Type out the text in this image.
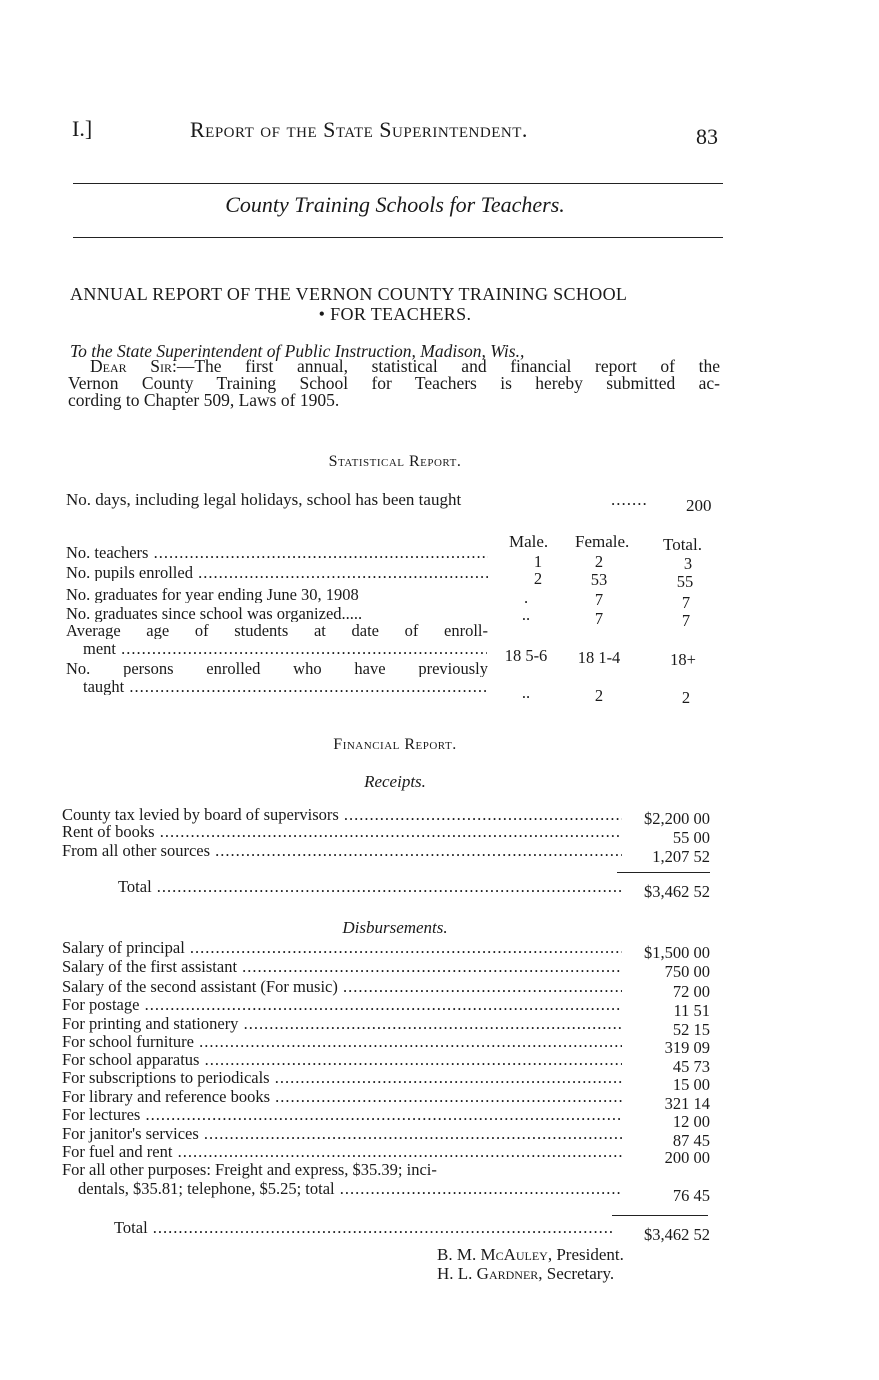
I.]	Report of the State Superintendent.	83
County Training Schools for Teachers.
ANNUAL REPORT OF THE VERNON COUNTY TRAINING SCHOOL
• FOR TEACHERS.
To the State Superintendent of Public Instruction, Madison, Wis.,
Dear Sir:—The first annual, statistical and financial report of the
Vernon County Training School for Teachers is hereby submitted ac-
cording to Chapter 509, Laws of 1905.
Statistical Report.
No. days, including legal holidays, school has been taught	....... 200
Male. Female. Total.
No. teachers .....	1	2	3
No. pupils enrolled .....	2	53	55
No. graduates for year ending June 30, 1908	.	7	7
No. graduates since school was organized.....	..	7	7
Average age of students at date of enroll-
ment .....	18 5-6	18 1-4	18+
No. persons enrolled who have previously
taught .....	..	2	2
Financial Report.
Receipts.
County tax levied by board of supervisors .....	$2,200 00
Rent of books .....	55 00
From all other sources .....	1,207 52
Total .....	$3,462 52
Disbursements.
Salary of principal .....	$1,500 00
Salary of the first assistant .....	750 00
Salary of the second assistant (For music) .....	72 00
For postage .....	11 51
For printing and stationery .....	52 15
For school furniture .....	319 09
For school apparatus .....	45 73
For subscriptions to periodicals .....	15 00
For library and reference books .....	321 14
For lectures .....	12 00
For janitor's services .....	87 45
For fuel and rent .....	200 00
For all other purposes: Freight and express, $35.39; inci-
dentals, $35.81; telephone, $5.25; total .....	76 45
Total .....	$3,462 52
B. M. McAuley, President.
H. L. Gardner, Secretary.
